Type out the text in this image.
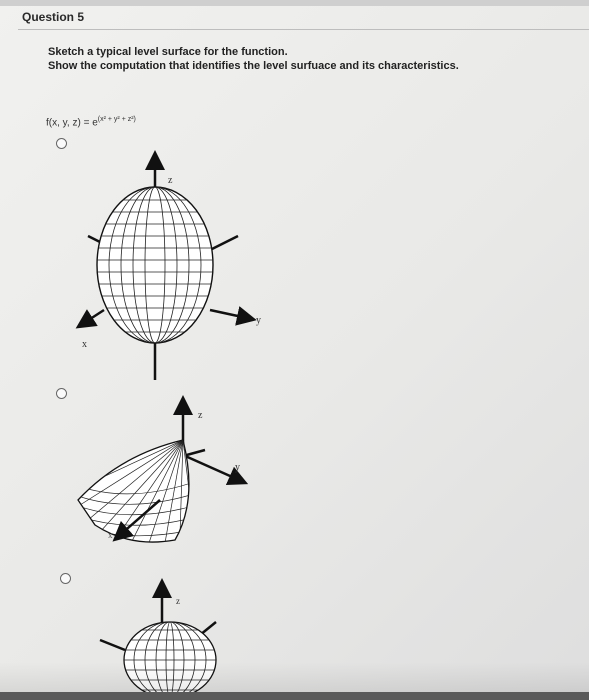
Question 5
Sketch a typical level surface for the function.
Show the computation that identifies the level surfuace and its characteristics.
f(x, y, $z) = e^{(x^2 + y^2 + z^2)}$
z
y
x
z
y
x
z
